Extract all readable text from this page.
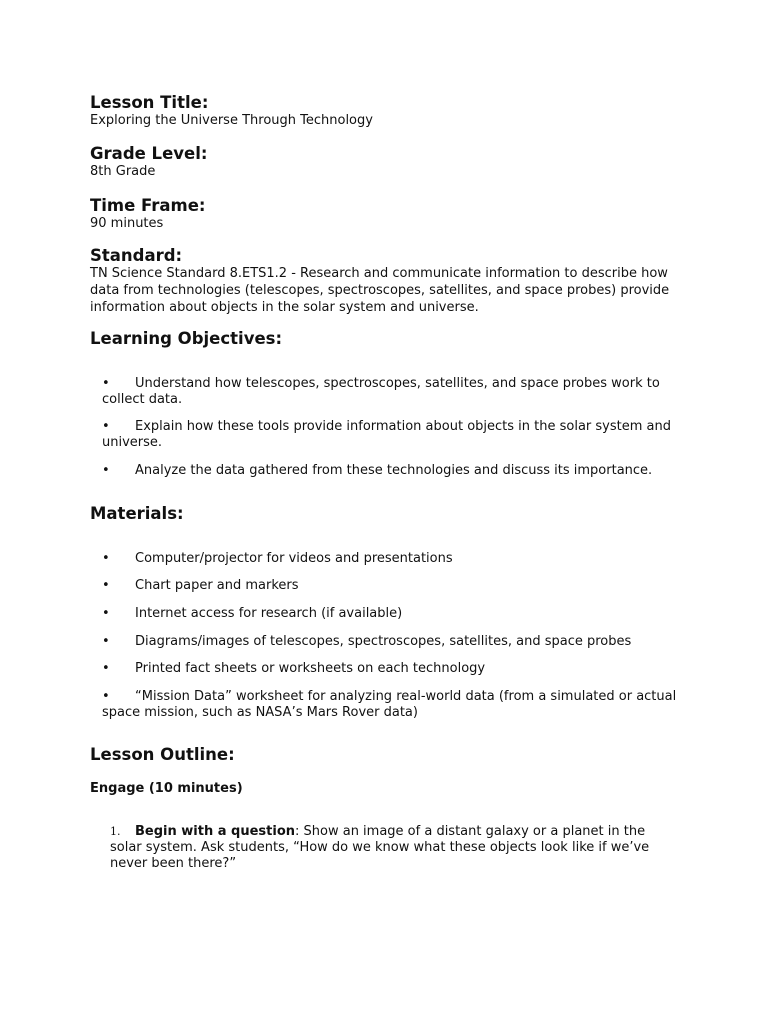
Lesson Title:
Exploring the Universe Through Technology
Grade Level:
8th Grade
Time Frame:
90 minutes
Standard:
TN Science Standard 8.ETS1.2 - Research and communicate information to describe how data from technologies (telescopes, spectroscopes, satellites, and space probes) provide information about objects in the solar system and universe.
Learning Objectives:
• Understand how telescopes, spectroscopes, satellites, and space probes work to collect data.
• Explain how these tools provide information about objects in the solar system and universe.
• Analyze the data gathered from these technologies and discuss its importance.
Materials:
• Computer/projector for videos and presentations
• Chart paper and markers
• Internet access for research (if available)
• Diagrams/images of telescopes, spectroscopes, satellites, and space probes
• Printed fact sheets or worksheets on each technology
• “Mission Data” worksheet for analyzing real-world data (from a simulated or actual space mission, such as NASA’s Mars Rover data)
Lesson Outline:
Engage (10 minutes)
1. Begin with a question: Show an image of a distant galaxy or a planet in the solar system. Ask students, “How do we know what these objects look like if we’ve never been there?”
